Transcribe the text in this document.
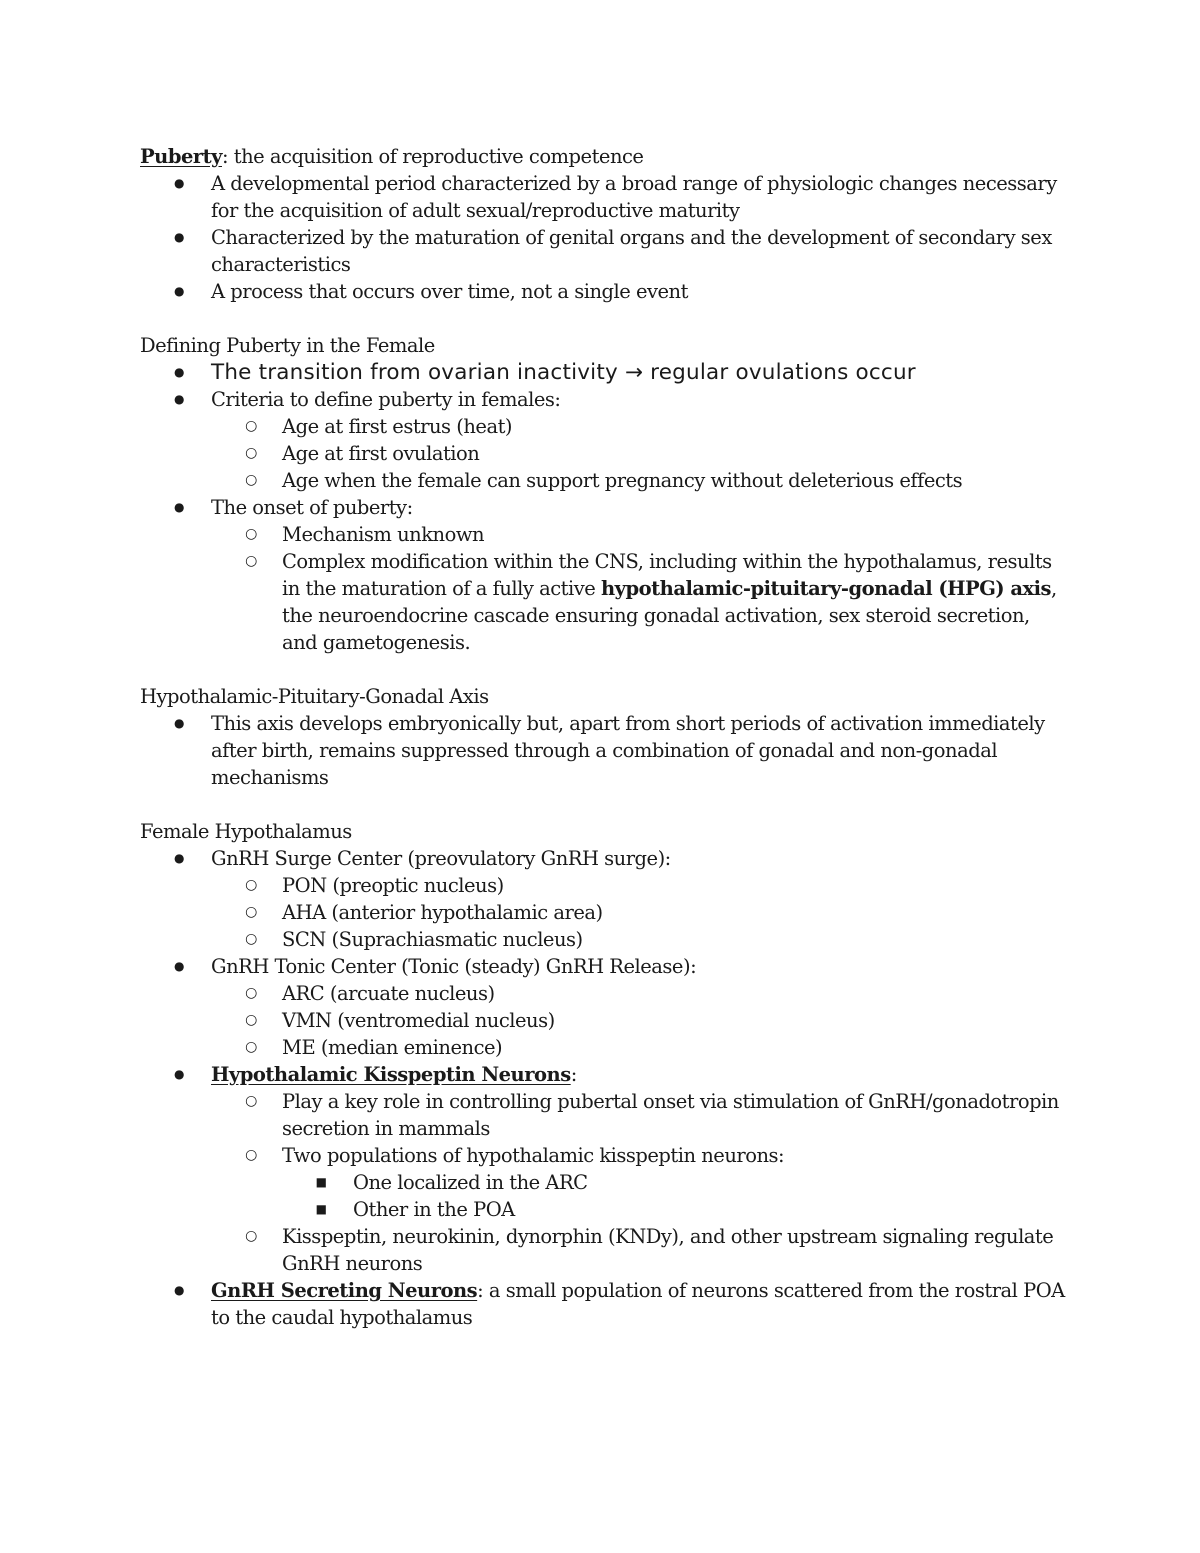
Puberty: the acquisition of reproductive competence

● A developmental period characterized by a broad range of physiologic changes necessary for the acquisition of adult sexual/reproductive maturity
● Characterized by the maturation of genital organs and the development of secondary sex characteristics
● A process that occurs over time, not a single event

Defining Puberty in the Female

● The transition from ovarian inactivity → regular ovulations occur
● Criteria to define puberty in females:
○ Age at first estrus (heat)
○ Age at first ovulation
○ Age when the female can support pregnancy without deleterious effects
● The onset of puberty:
○ Mechanism unknown
○ Complex modification within the CNS, including within the hypothalamus, results in the maturation of a fully active hypothalamic-pituitary-gonadal (HPG) axis, the neuroendocrine cascade ensuring gonadal activation, sex steroid secretion, and gametogenesis.

Hypothalamic-Pituitary-Gonadal Axis

● This axis develops embryonically but, apart from short periods of activation immediately after birth, remains suppressed through a combination of gonadal and non-gonadal mechanisms

Female Hypothalamus

● GnRH Surge Center (preovulatory GnRH surge):
○ PON (preoptic nucleus)
○ AHA (anterior hypothalamic area)
○ SCN (Suprachiasmatic nucleus)
● GnRH Tonic Center (Tonic (steady) GnRH Release):
○ ARC (arcuate nucleus)
○ VMN (ventromedial nucleus)
○ ME (median eminence)
● Hypothalamic Kisspeptin Neurons:
○ Play a key role in controlling pubertal onset via stimulation of GnRH/gonadotropin secretion in mammals
○ Two populations of hypothalamic kisspeptin neurons:
■ One localized in the ARC
■ Other in the POA
○ Kisspeptin, neurokinin, dynorphin (KNDy), and other upstream signaling regulate GnRH neurons
● GnRH Secreting Neurons: a small population of neurons scattered from the rostral POA to the caudal hypothalamus
